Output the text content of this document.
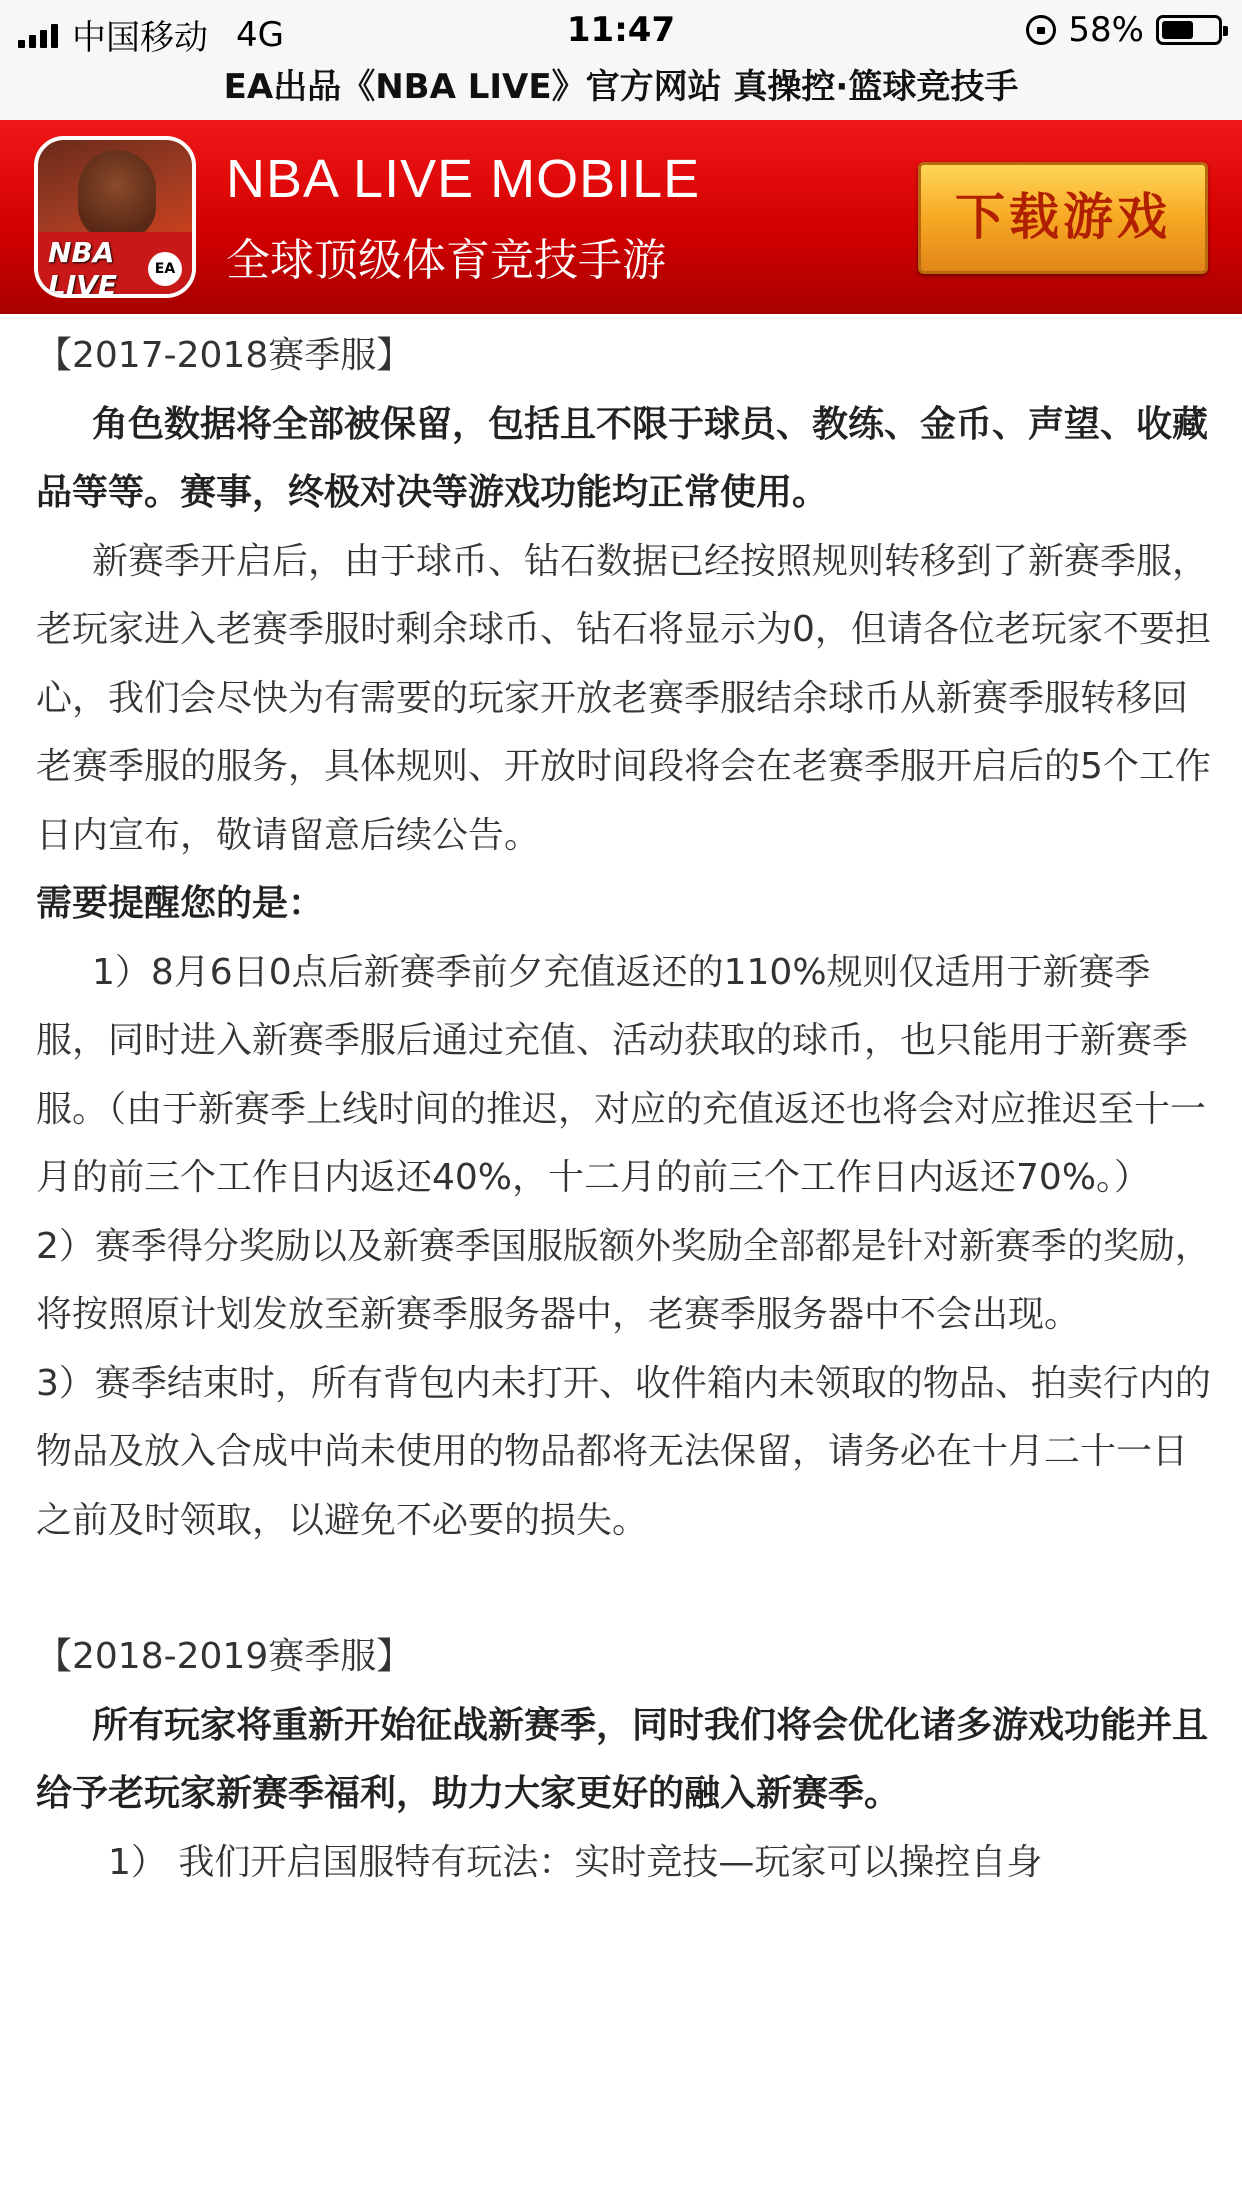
中国移动 4G	11:47	58%
EA出品《NBA LIVE》官方网站 真操控·篮球竞技手
NBA LIVE	EA
NBA LIVE MOBILE
全球顶级体育竞技手游
下载游戏

【2017-2018赛季服】

角色数据将全部被保留，包括且不限于球员、教练、金币、声望、收藏品等等。赛事，终极对决等游戏功能均正常使用。

新赛季开启后，由于球币、钻石数据已经按照规则转移到了新赛季服，老玩家进入老赛季服时剩余球币、钻石将显示为0，但请各位老玩家不要担心，我们会尽快为有需要的玩家开放老赛季服结余球币从新赛季服转移回老赛季服的服务，具体规则、开放时间段将会在老赛季服开启后的5个工作日内宣布，敬请留意后续公告。

需要提醒您的是：

1）8月6日0点后新赛季前夕充值返还的110%规则仅适用于新赛季服，同时进入新赛季服后通过充值、活动获取的球币，也只能用于新赛季服。（由于新赛季上线时间的推迟，对应的充值返还也将会对应推迟至十一月的前三个工作日内返还40%，十二月的前三个工作日内返还70%。）

2）赛季得分奖励以及新赛季国服版额外奖励全部都是针对新赛季的奖励，将按照原计划发放至新赛季服务器中，老赛季服务器中不会出现。

3）赛季结束时，所有背包内未打开、收件箱内未领取的物品、拍卖行内的物品及放入合成中尚未使用的物品都将无法保留，请务必在十月二十一日之前及时领取，以避免不必要的损失。

【2018-2019赛季服】

所有玩家将重新开始征战新赛季，同时我们将会优化诸多游戏功能并且给予老玩家新赛季福利，助力大家更好的融入新赛季。

1） 我们开启国服特有玩法：实时竞技—玩家可以操控自身
